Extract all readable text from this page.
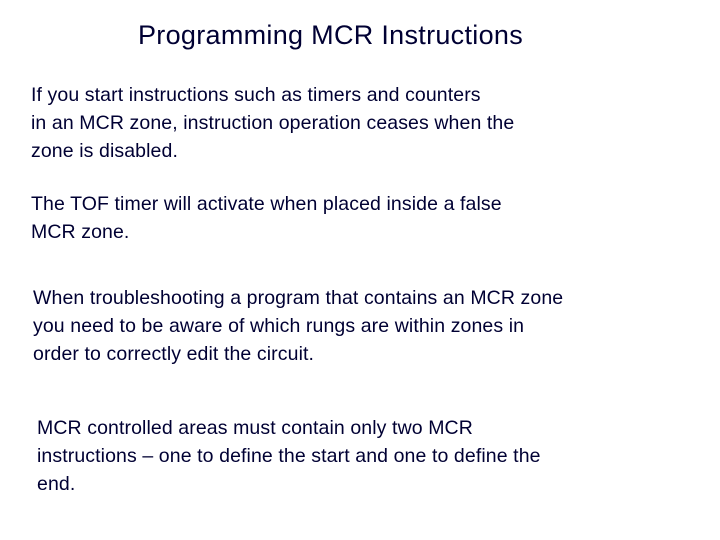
Programming MCR Instructions
If you start instructions such as timers and counters
in an MCR zone, instruction operation ceases when the
zone is disabled.
The TOF timer will activate when placed inside a false
MCR zone.
When troubleshooting a program that contains an MCR zone
you need to be aware of which rungs are within zones in
order to correctly edit the circuit.
MCR controlled areas must contain only two MCR
instructions – one to define the start and one to define the
end.
